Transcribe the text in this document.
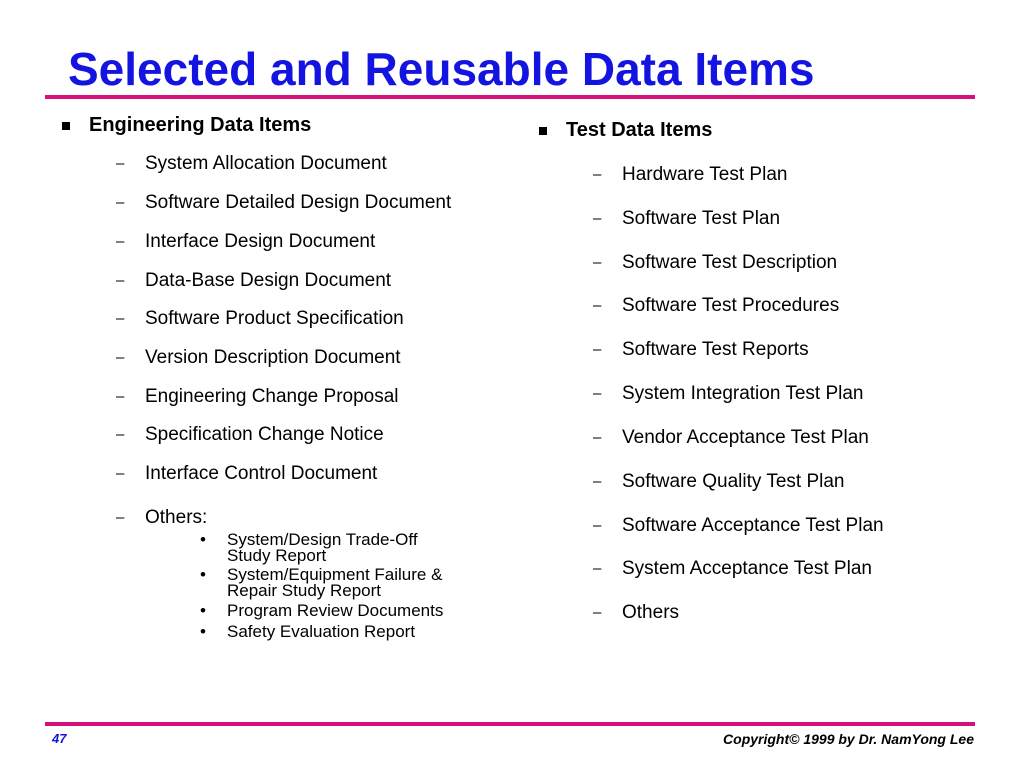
Selected and Reusable Data Items
Engineering Data Items
– System Allocation Document
– Software Detailed Design Document
– Interface Design Document
– Data-Base Design Document
– Software Product Specification
– Version Description Document
– Engineering Change Proposal
– Specification Change Notice
– Interface Control Document
– Others:
• System/Design Trade-Off
Study Report
• System/Equipment Failure &
Repair Study Report
• Program Review Documents
• Safety Evaluation Report
Test Data Items
– Hardware Test Plan
– Software Test Plan
– Software Test Description
– Software Test Procedures
– Software Test Reports
– System Integration Test Plan
– Vendor Acceptance Test Plan
– Software Quality Test Plan
– Software Acceptance Test Plan
– System Acceptance Test Plan
– Others
47	Copyright© 1999 by Dr. NamYong Lee
